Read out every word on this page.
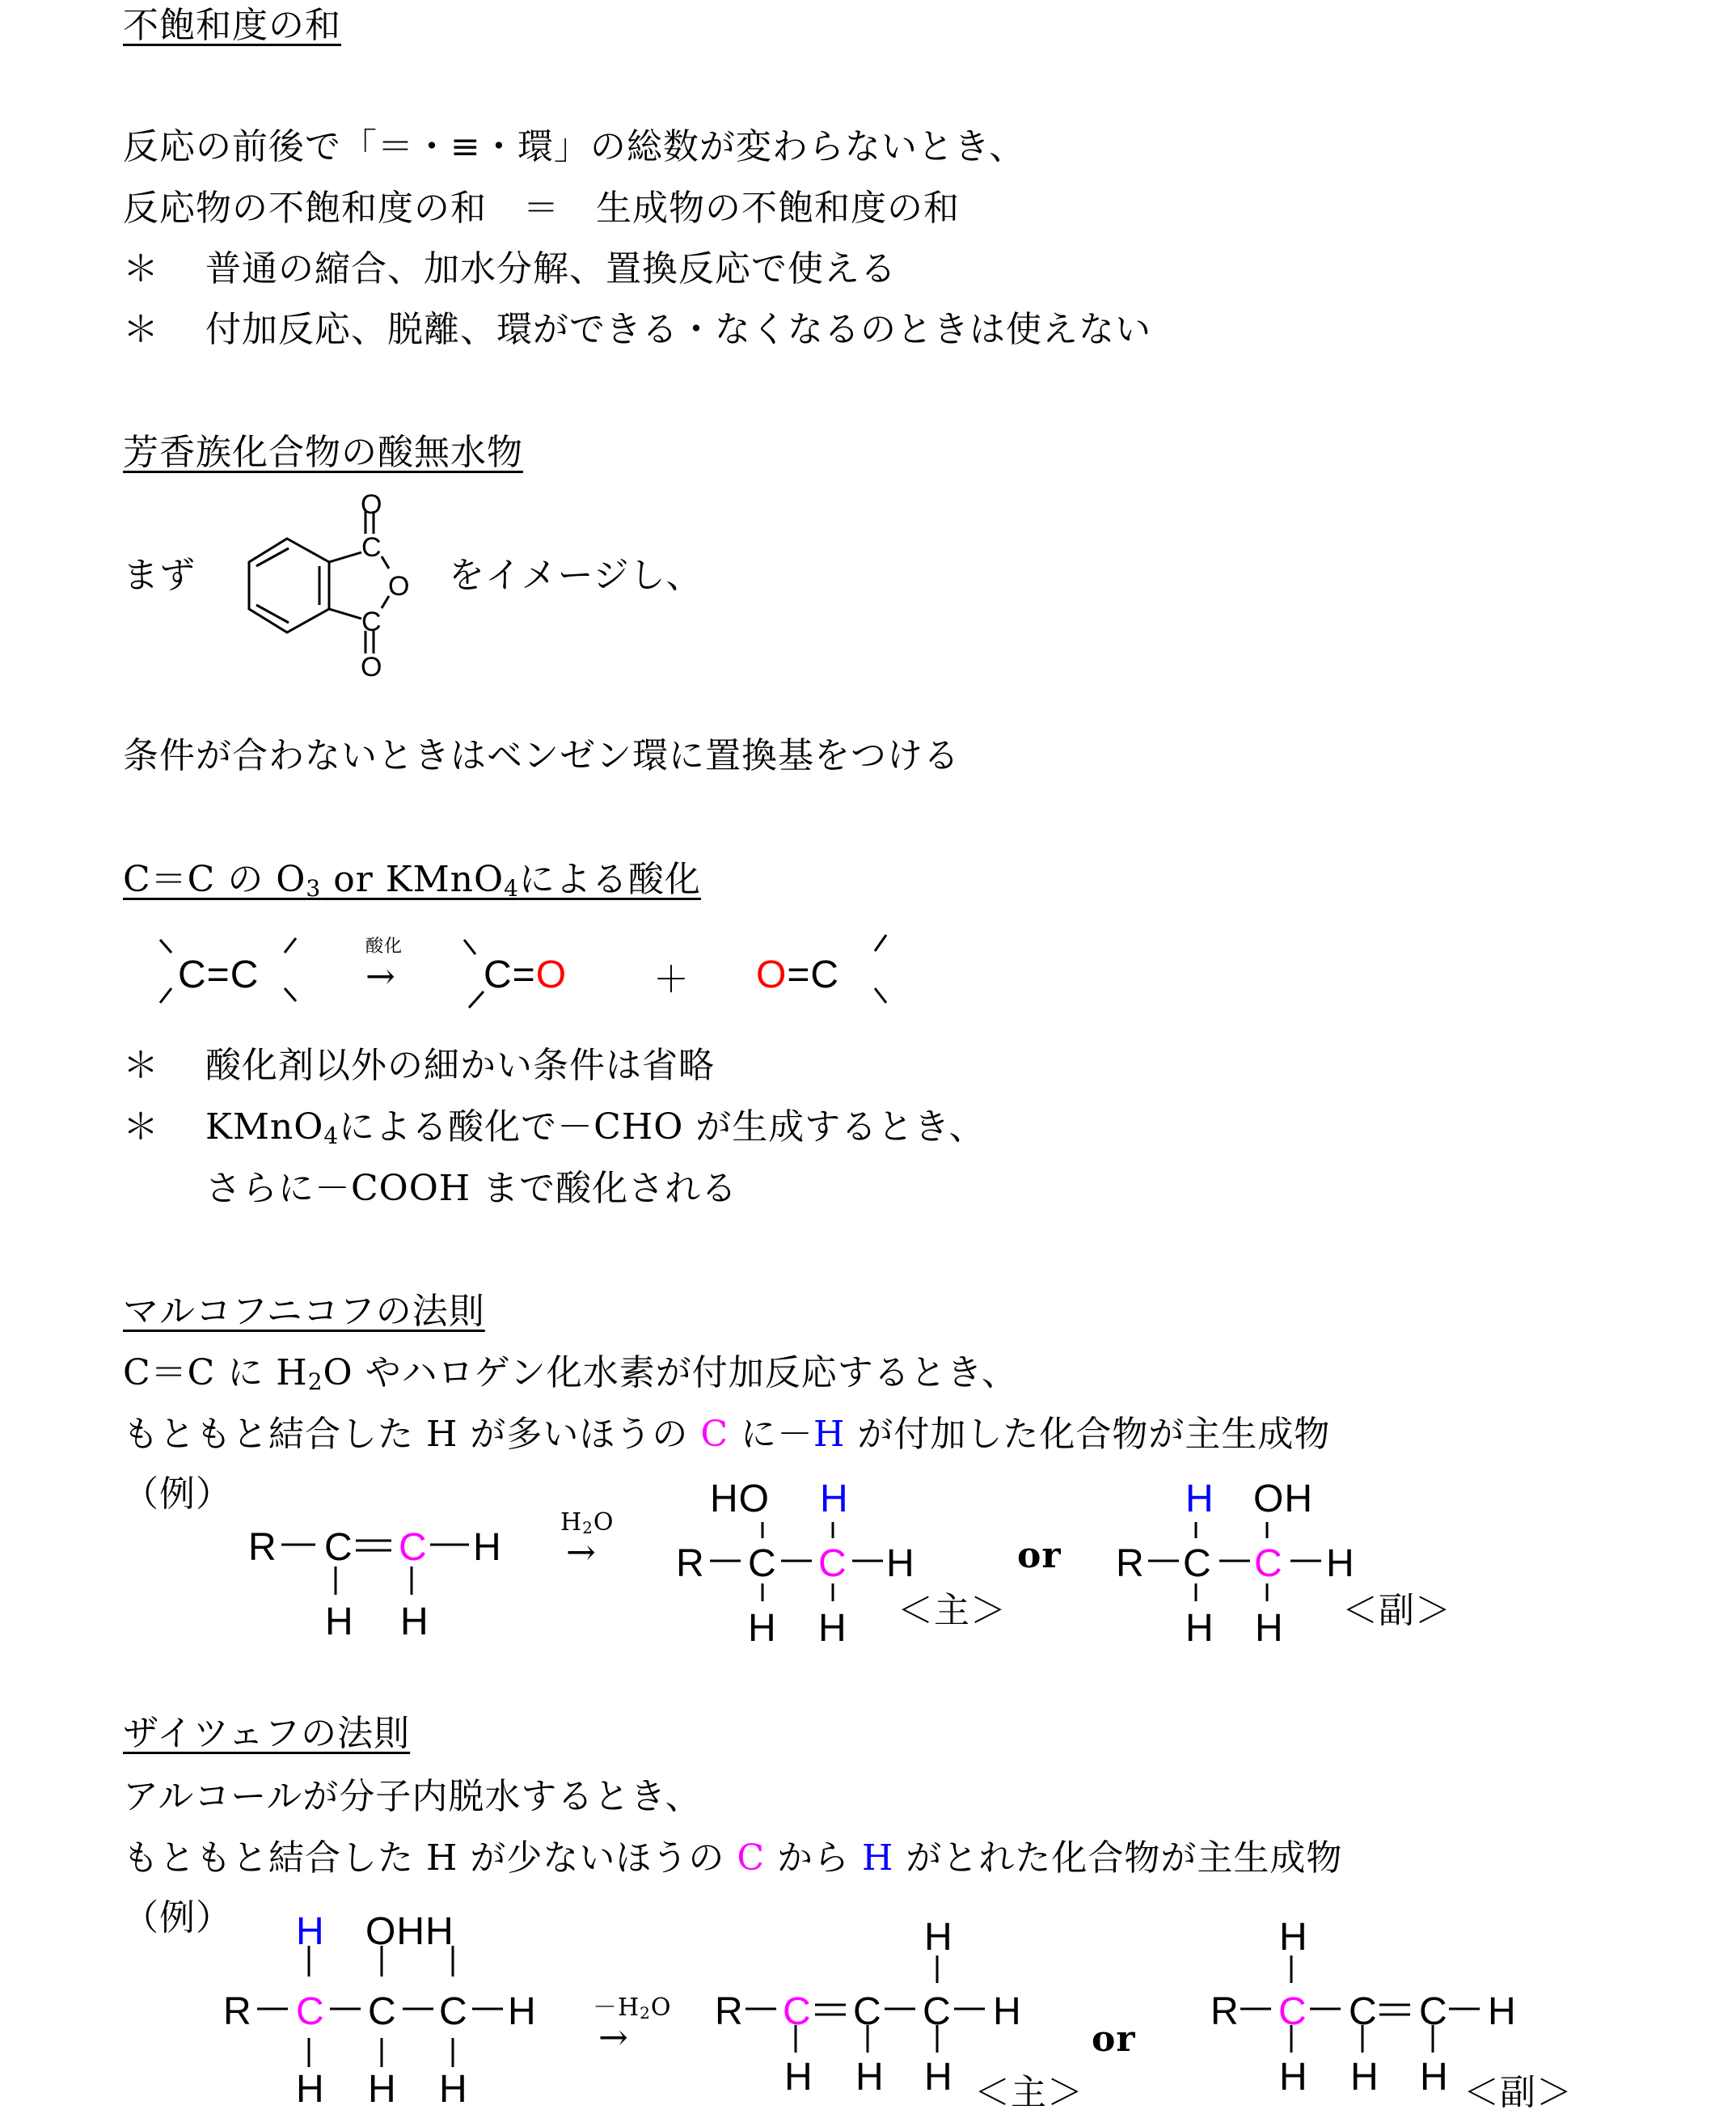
不飽和度の和
反応の前後で「＝・≡・環」の総数が変わらないとき、
反応物の不飽和度の和　＝　生成物の不飽和度の和
＊ 普通の縮合、加水分解、置換反応で使える
＊ 付加反応、脱離、環ができる・なくなるのときは使えない
芳香族化合物の酸無水物
まず
O
C
O
C
O
をイメージし、
条件が合わないときはベンゼン環に置換基をつける
C＝C の $O_3$ or KMnO$_4$による酸化
C=C
酸化
→ C=O ＋ O=C
＊ 酸化剤以外の細かい条件は省略
＊ KMnO$_4$による酸化で－CHO が生成するとき、
さらに－COOH まで酸化される
マルコフニコフの法則
C＝C に $H_2O$ やハロゲン化水素が付加反応するとき、
もともと結合した H が多いほうの C に－H が付加した化合物が主生成物
（例）
R C C H
H H
$H_2O$
→
HO H
R C C H
H H ＜主＞
or
H OH
R C C H
H H ＜副＞
ザイツェフの法則
アルコールが分子内脱水するとき、
もともと結合した H が少ないほうの C から H がとれた化合物が主生成物
（例） H OHH
R C C C H
H H H
$-H_2O$
→
H
R C C C H
H H H ＜主＞
or
H
R C C C H
H H H ＜副＞
